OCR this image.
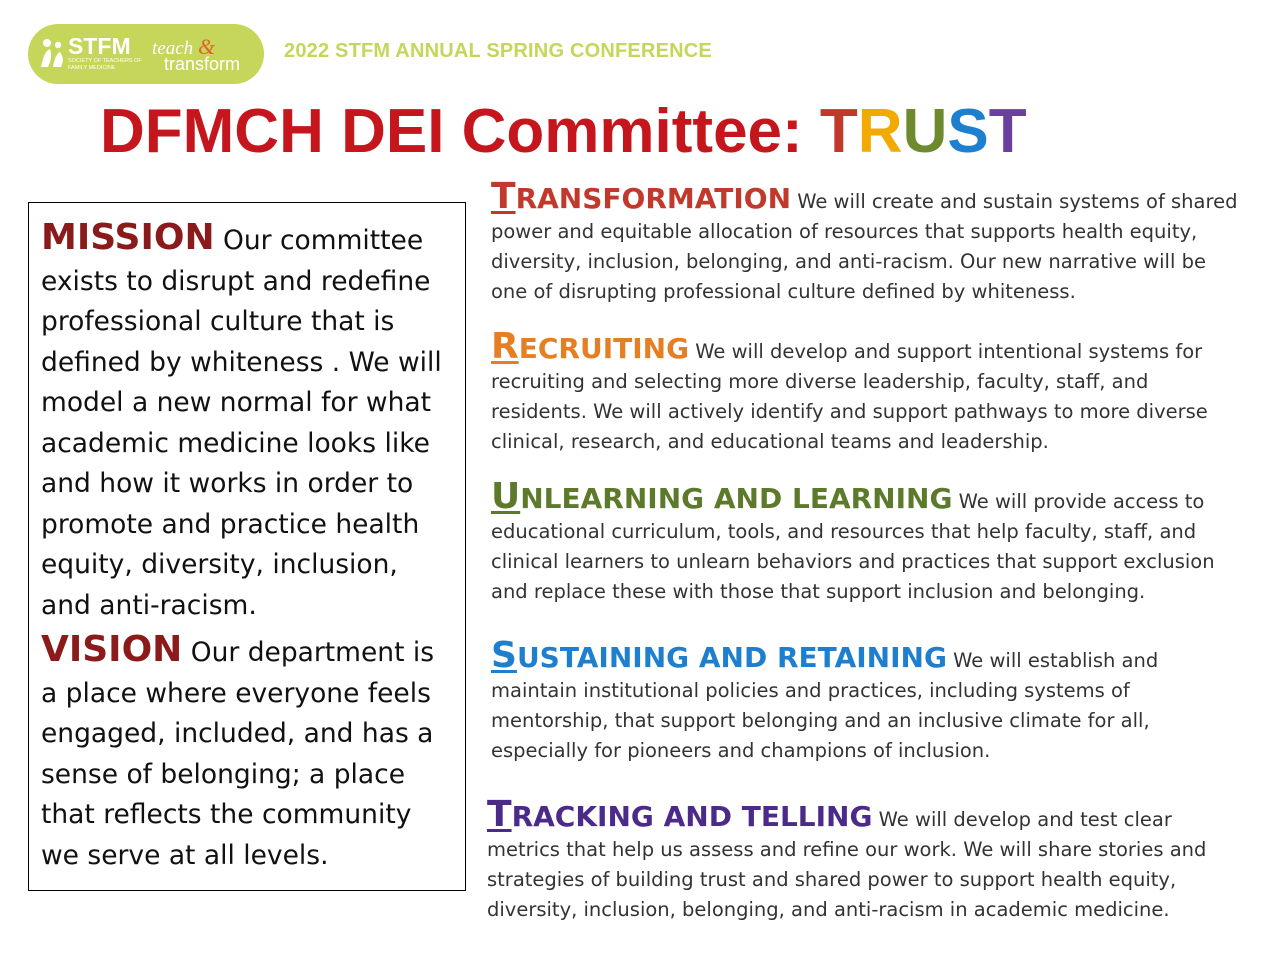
STFM
SOCIETY OF TEACHERS OF FAMILY MEDICINE
teach &
transform
2022 STFM ANNUAL SPRING CONFERENCE
DFMCH DEI Committee: TRUST

MISSION Our committee exists to disrupt and redefine professional culture that is defined by whiteness . We will model a new normal for what academic medicine looks like and how it works in order to promote and practice health equity, diversity, inclusion, and anti-racism.

VISION Our department is a place where everyone feels engaged, included, and has a sense of belonging; a place that reflects the community we serve at all levels.

TRANSFORMATION We will create and sustain systems of shared power and equitable allocation of resources that supports health equity, diversity, inclusion, belonging, and anti-racism. Our new narrative will be one of disrupting professional culture defined by whiteness.
RECRUITING We will develop and support intentional systems for recruiting and selecting more diverse leadership, faculty, staff, and residents. We will actively identify and support pathways to more diverse clinical, research, and educational teams and leadership.
UNLEARNING AND LEARNING We will provide access to educational curriculum, tools, and resources that help faculty, staff, and clinical learners to unlearn behaviors and practices that support exclusion and replace these with those that support inclusion and belonging.
SUSTAINING AND RETAINING We will establish and maintain institutional policies and practices, including systems of mentorship, that support belonging and an inclusive climate for all, especially for pioneers and champions of inclusion.
TRACKING AND TELLING We will develop and test clear metrics that help us assess and refine our work. We will share stories and strategies of building trust and shared power to support health equity, diversity, inclusion, belonging, and anti-racism in academic medicine.
